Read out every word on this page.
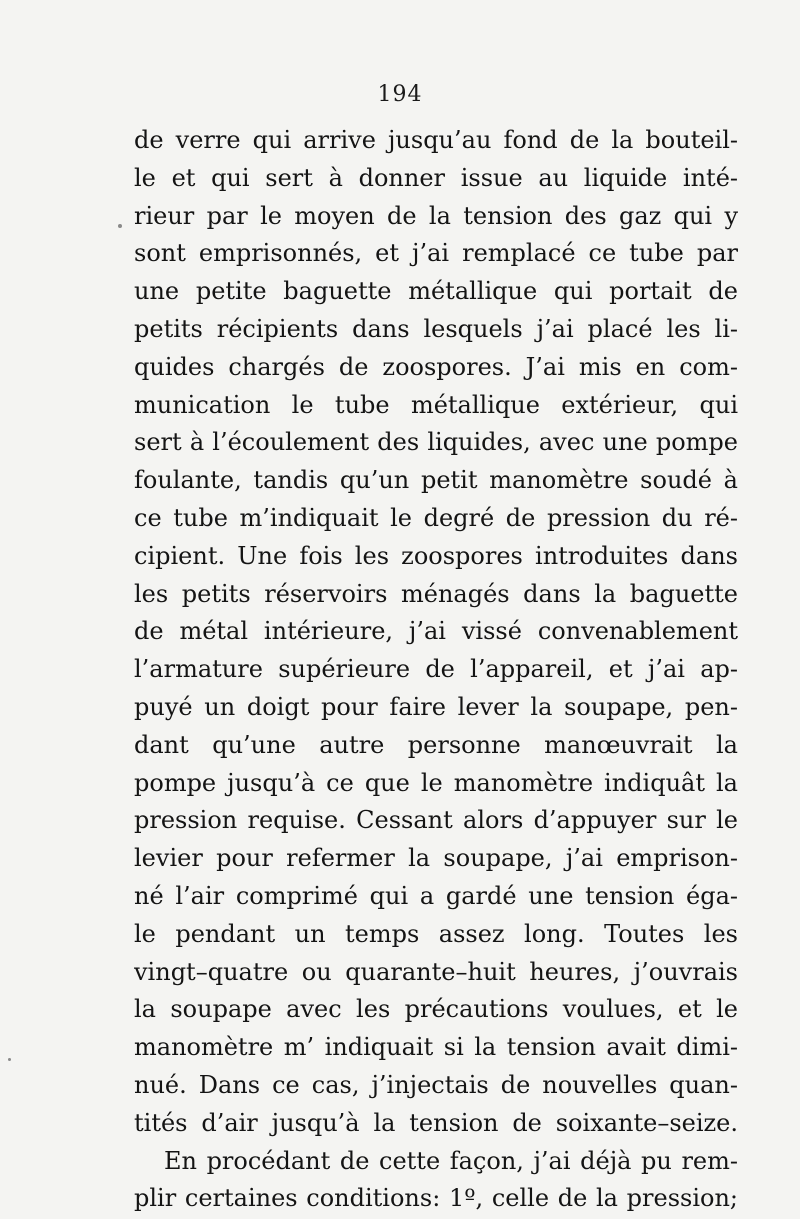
194
de verre qui arrive jusqu’au fond de la bouteil-
le et qui sert à donner issue au liquide inté-
rieur par le moyen de la tension des gaz qui y
sont emprisonnés, et j’ai remplacé ce tube par
une petite baguette métallique qui portait de
petits récipients dans lesquels j’ai placé les li-
quides chargés de zoospores. J’ai mis en com-
munication le tube métallique extérieur, qui
sert à l’écoulement des liquides, avec une pompe
foulante, tandis qu’un petit manomètre soudé à
ce tube m’indiquait le degré de pression du ré-
cipient. Une fois les zoospores introduites dans
les petits réservoirs ménagés dans la baguette
de métal intérieure, j’ai vissé convenablement
l’armature supérieure de l’appareil, et j’ai ap-
puyé un doigt pour faire lever la soupape, pen-
dant qu’une autre personne manœuvrait la
pompe jusqu’à ce que le manomètre indiquât la
pression requise. Cessant alors d’appuyer sur le
levier pour refermer la soupape, j’ai emprison-
né l’air comprimé qui a gardé une tension éga-
le pendant un temps assez long. Toutes les
vingt–quatre ou quarante–huit heures, j’ouvrais
la soupape avec les précautions voulues, et le
manomètre m’ indiquait si la tension avait dimi-
nué. Dans ce cas, j’injectais de nouvelles quan-
tités d’air jusqu’à la tension de soixante–seize.
En procédant de cette façon, j’ai déjà pu rem-
plir certaines conditions: 1º, celle de la pression;
